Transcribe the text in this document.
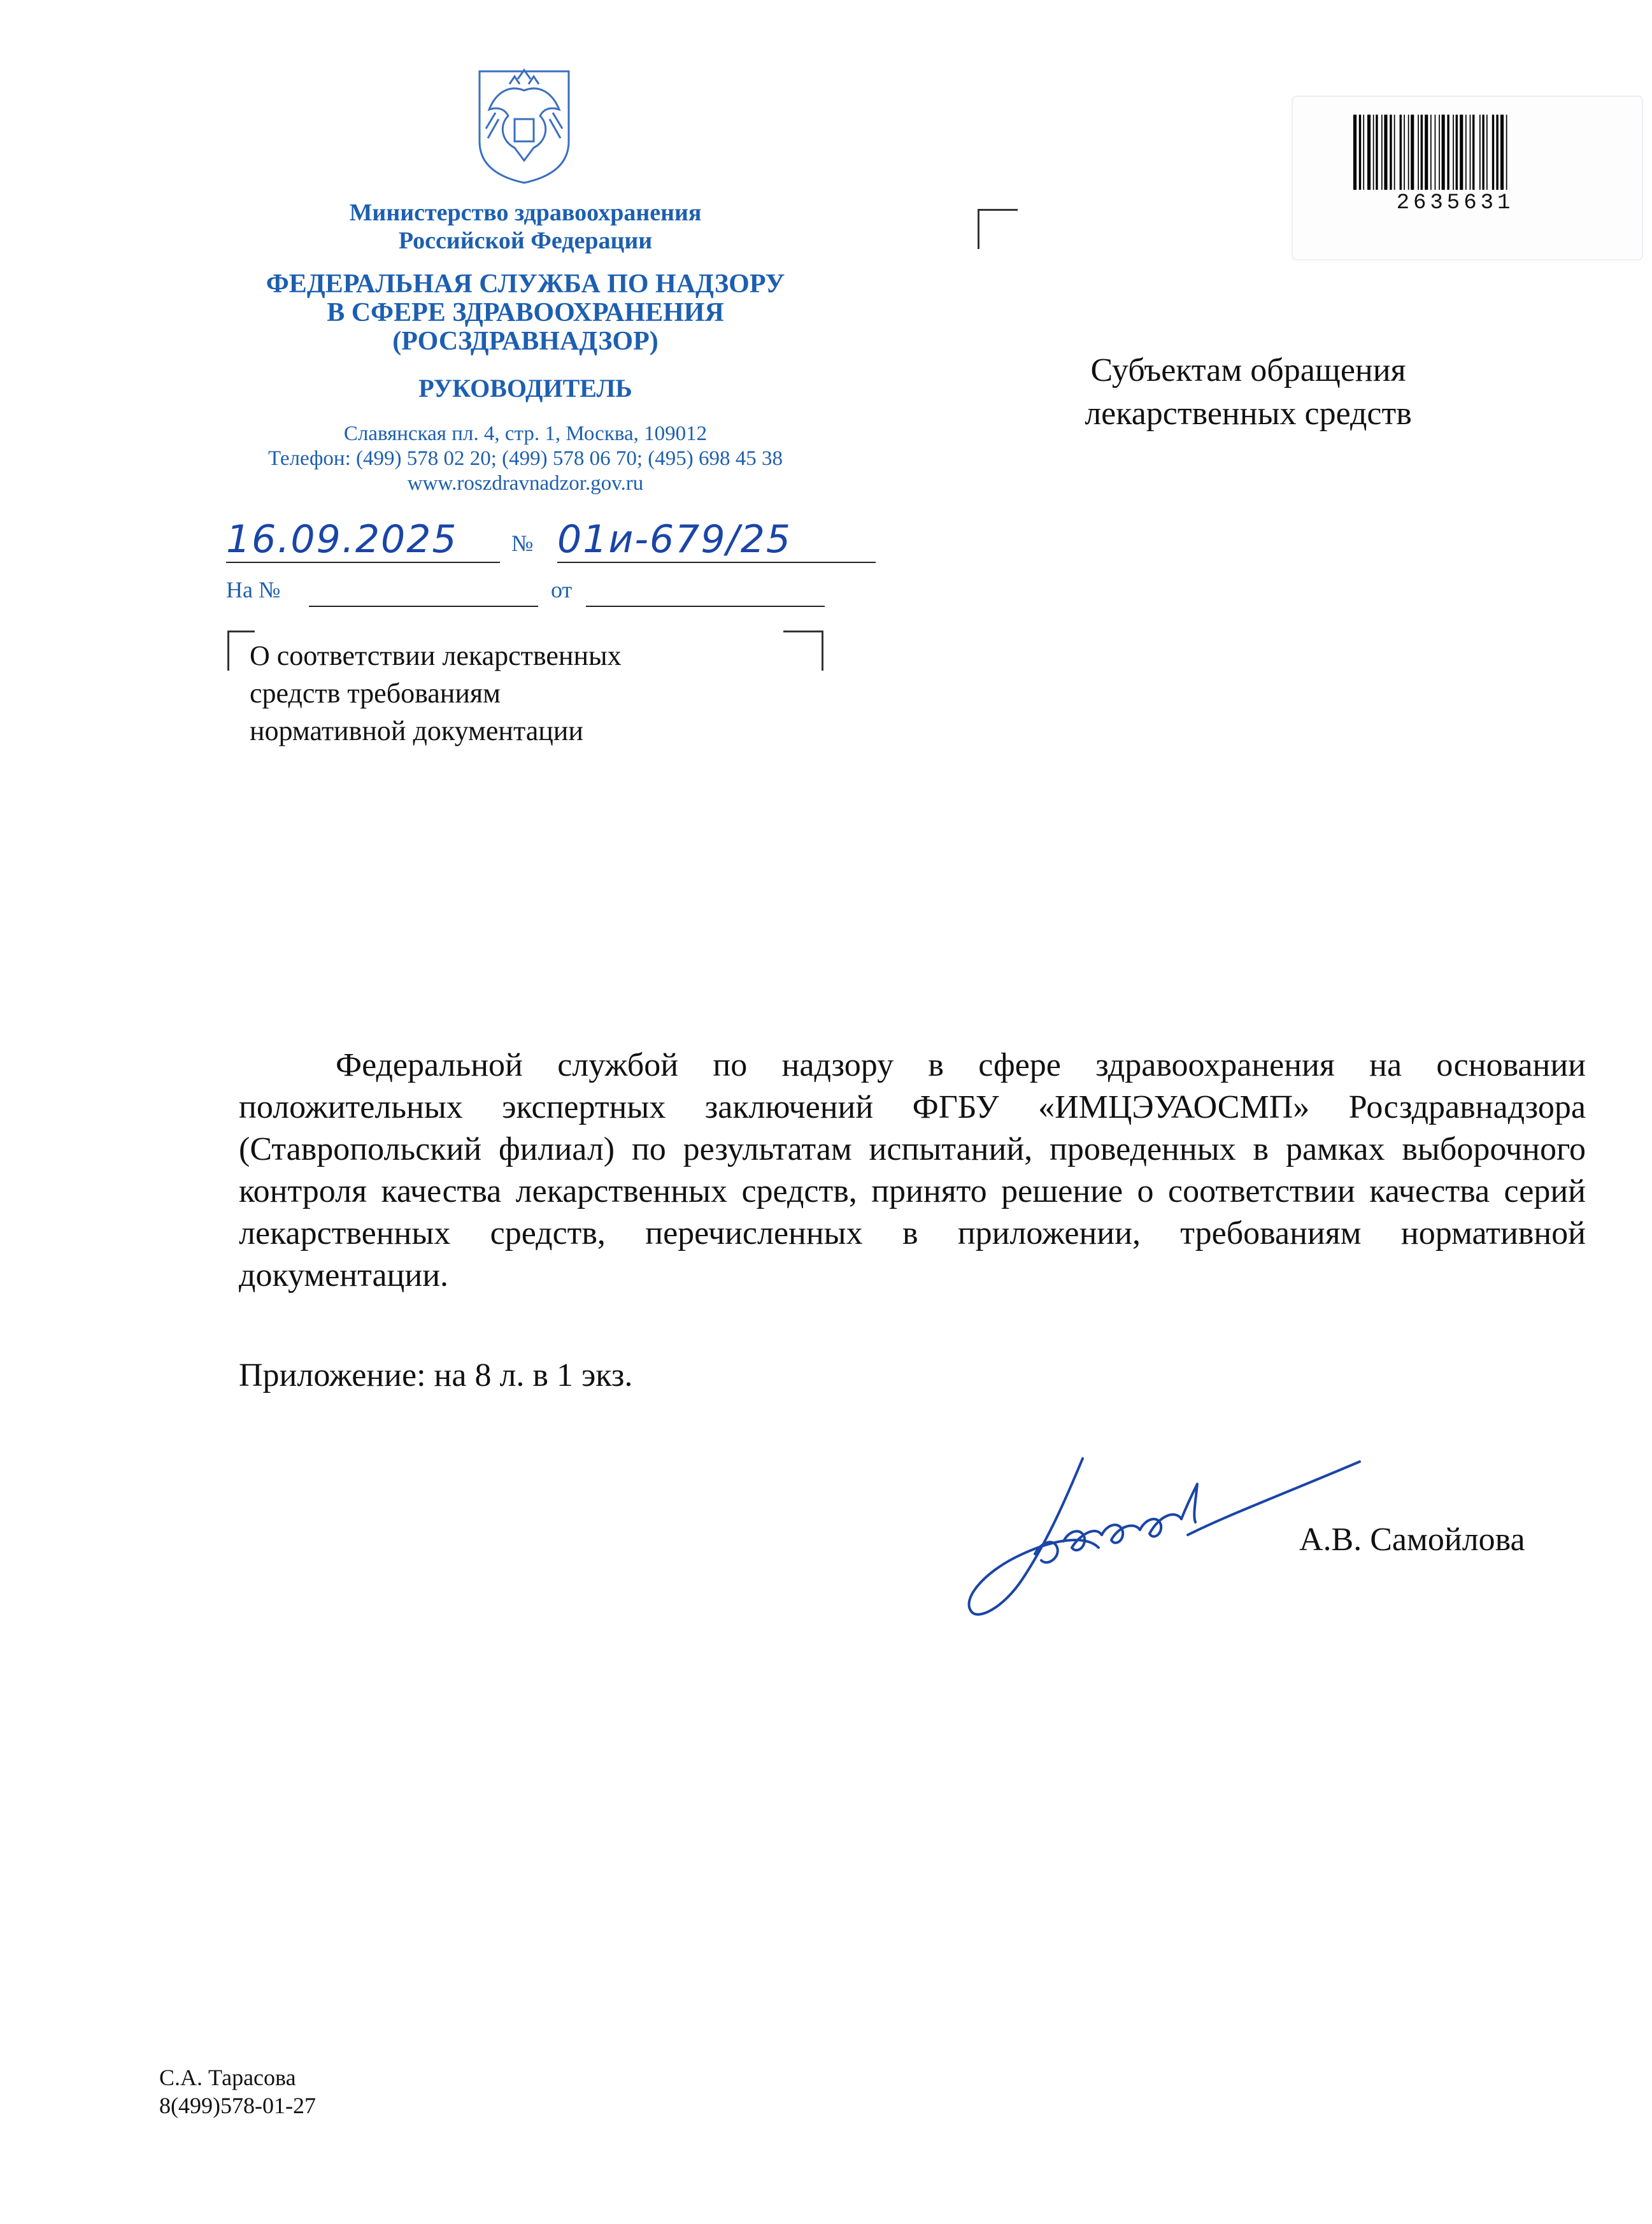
Министерство здравоохранения
Российской Федерации
ФЕДЕРАЛЬНАЯ СЛУЖБА ПО НАДЗОРУ
В СФЕРЕ ЗДРАВООХРАНЕНИЯ
(РОСЗДРАВНАДЗОР)
РУКОВОДИТЕЛЬ
Славянская пл. 4, стр. 1, Москва, 109012
Телефон: (499) 578 02 20; (499) 578 06 70; (495) 698 45 38
www.roszdravnadzor.gov.ru
16.09.2025	№ 01и-679/25
На №	от
О соответствии лекарственных
средств требованиям
нормативной документации
2635631
Субъектам обращения
лекарственных средств

Федеральной службой по надзору в сфере здравоохранения на основании положительных экспертных заключений ФГБУ «ИМЦЭУАОСМП» Росздравнадзора (Ставропольский филиал) по результатам испытаний, проведенных в рамках выборочного контроля качества лекарственных средств, принято решение о соответствии качества серий лекарственных средств, перечисленных в приложении, требованиям нормативной документации.

Приложение: на 8 л. в 1 экз.
А.В. Самойлова
С.А. Тарасова
8(499)578-01-27
